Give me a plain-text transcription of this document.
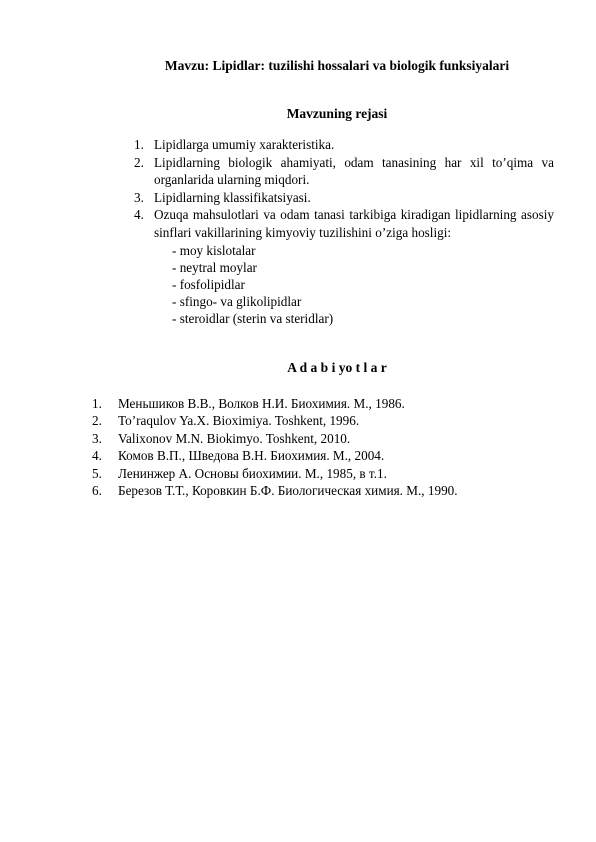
Mavzu: Lipidlar: tuzilishi hossalari va biologik funksiyalari
Mavzuning rejasi
1. Lipidlarga umumiy xarakteristika.
2. Lipidlarning biologik ahamiyati, odam tanasining har xil to’qima va organlarida ularning miqdori.
3. Lipidlarning klassifikatsiyasi.
4. Ozuqa mahsulotlari va odam tanasi tarkibiga kiradigan lipidlarning asosiy sinflari vakillarining kimyoviy tuzilishini o’ziga hosligi:
- moy kislotalar
- neytral moylar
- fosfolipidlar
- sfingo- va glikolipidlar
- steroidlar (sterin va steridlar)
A d a b i yo t l a r
1. Меньшиков В.В., Волков Н.И. Биохимия. М., 1986.
2. To’raqulov Ya.X. Bioximiya. Toshkent, 1996.
3. Valixonov M.N. Biokimyo. Toshkent, 2010.
4. Комов В.П., Шведова В.Н. Биохимия. М., 2004.
5. Ленинжер А. Основы биохимии. М., 1985, в т.1.
6. Березов Т.Т., Коровкин Б.Ф. Биологическая химия. М., 1990.
